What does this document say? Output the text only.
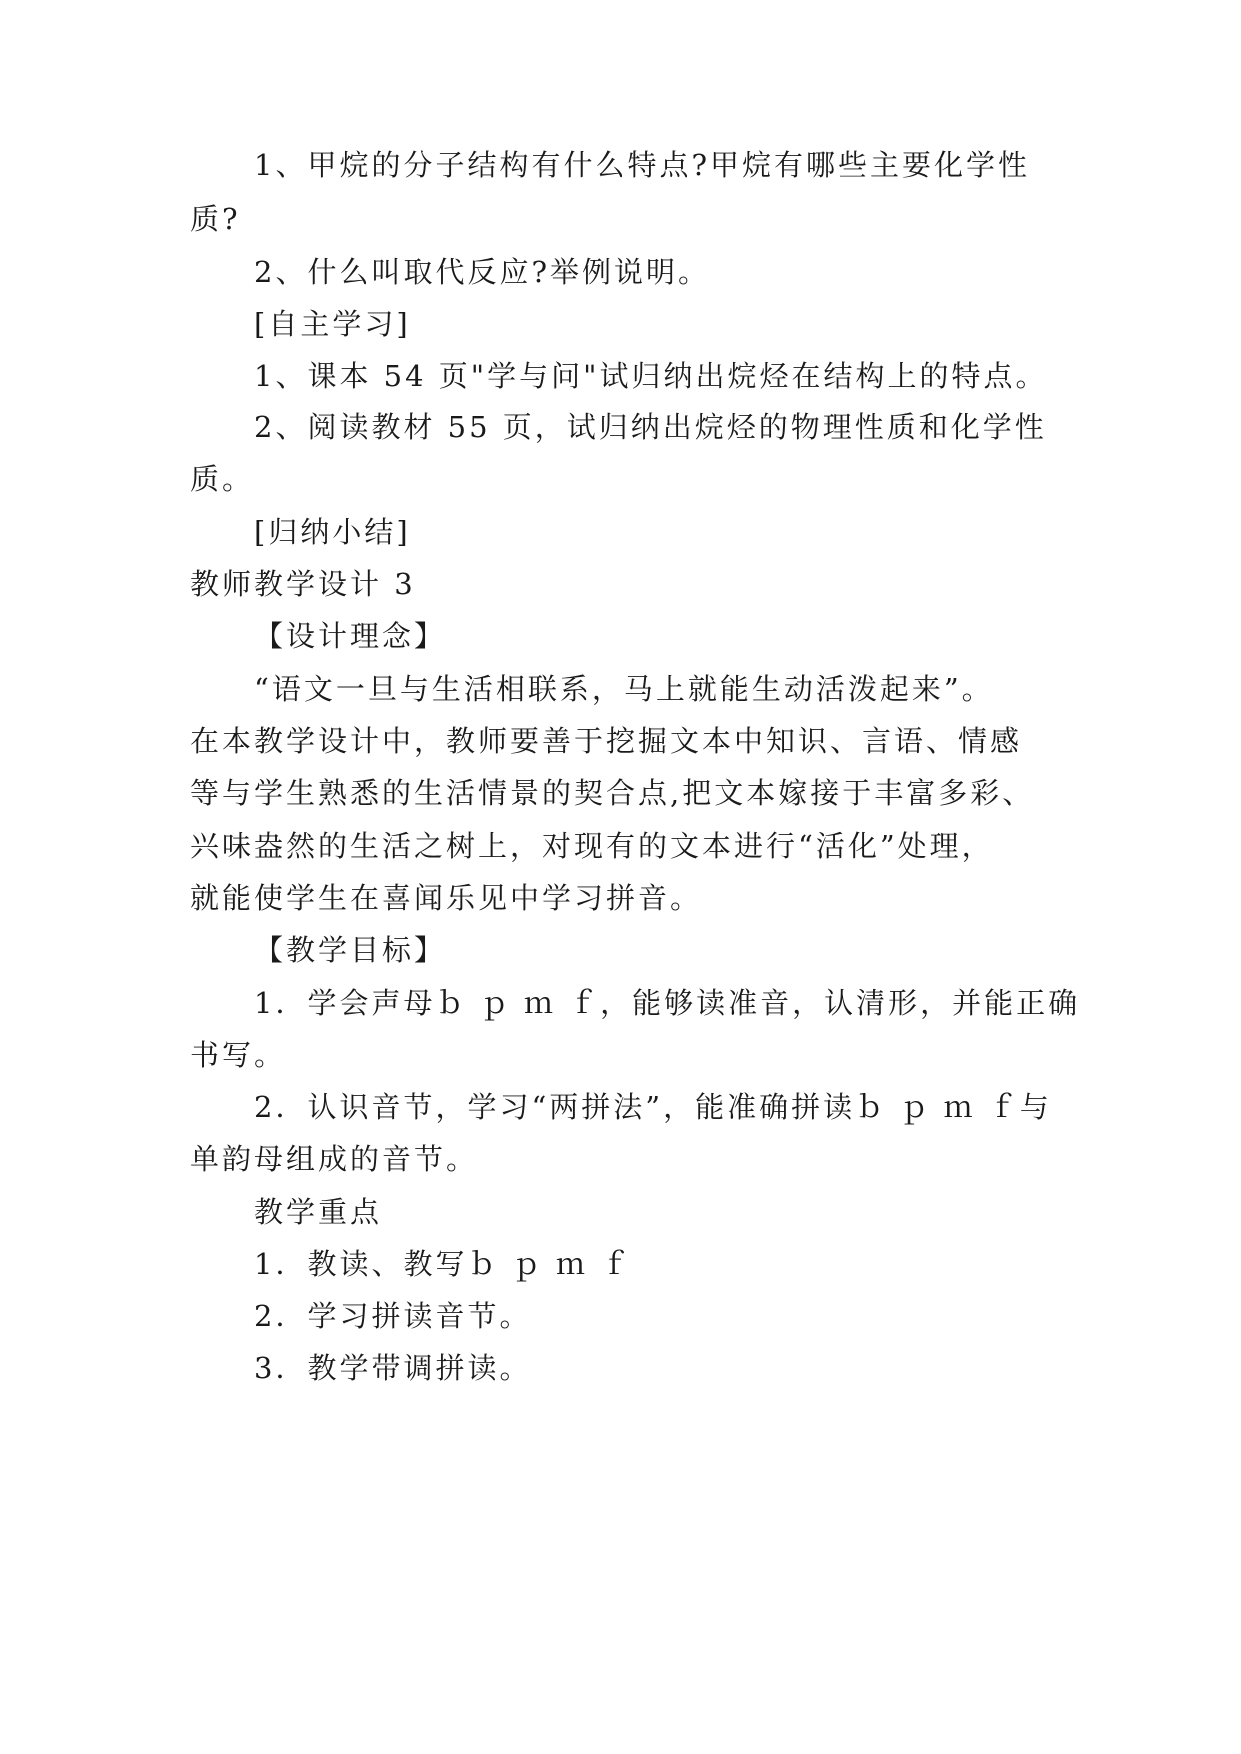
1、甲烷的分子结构有什么特点?甲烷有哪些主要化学性
质?
2、什么叫取代反应?举例说明。
[自主学习]
1、课本 54 页"学与问"试归纳出烷烃在结构上的特点。
2、阅读教材 55 页，试归纳出烷烃的物理性质和化学性
质。
[归纳小结]
教师教学设计 3
【设计理念】
“语文一旦与生活相联系，马上就能生动活泼起来”。
在本教学设计中，教师要善于挖掘文本中知识、言语、情感
等与学生熟悉的生活情景的契合点,把文本嫁接于丰富多彩、
兴味盎然的生活之树上，对现有的文本进行“活化”处理，
就能使学生在喜闻乐见中学习拼音。
【教学目标】
1．学会声母ｂ ｐ ｍ ｆ，能够读准音，认清形，并能正确
书写。
2．认识音节，学习“两拼法”，能准确拼读ｂ ｐ ｍ ｆ与
单韵母组成的音节。
教学重点
1．教读、教写ｂ ｐ ｍ ｆ
2．学习拼读音节。
3．教学带调拼读。
